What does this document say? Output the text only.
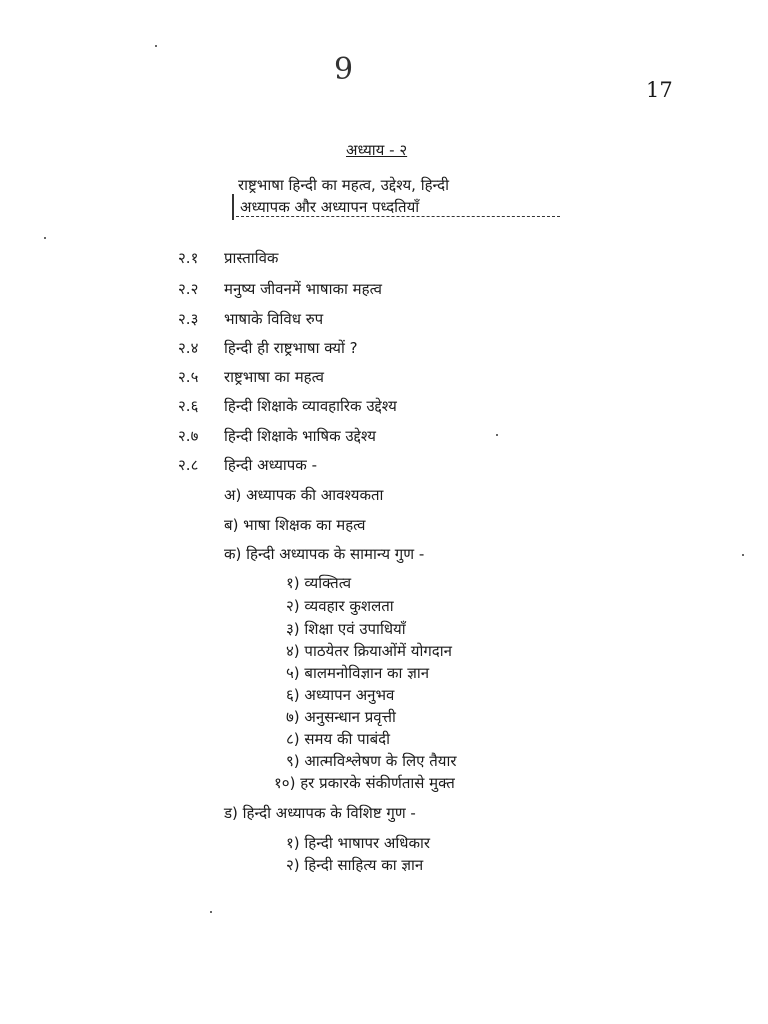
9
17
अध्याय - २
राष्ट्रभाषा हिन्दी का महत्व, उद्देश्य, हिन्दी
अध्यापक और अध्यापन पध्दतियाँ
२.१ प्रास्ताविक
२.२ मनुष्य जीवनमें भाषाका महत्व
२.३ भाषाके विविध रुप
२.४ हिन्दी ही राष्ट्रभाषा क्यों ?
२.५ राष्ट्रभाषा का महत्व
२.६ हिन्दी शिक्षाके व्यावहारिक उद्देश्य
२.७ हिन्दी शिक्षाके भाषिक उद्देश्य
२.८ हिन्दी अध्यापक -
अ) अध्यापक की आवश्यकता
ब) भाषा शिक्षक का महत्व
क) हिन्दी अध्यापक के सामान्य गुण -
१) व्यक्तित्व
२) व्यवहार कुशलता
३) शिक्षा एवं उपाधियाँ
४) पाठयेतर क्रियाओंमें योगदान
५) बालमनोविज्ञान का ज्ञान
६) अध्यापन अनुभव
७) अनुसन्धान प्रवृत्ती
८) समय की पाबंदी
९) आत्मविश्लेषण के लिए तैयार
१०) हर प्रकारके संकीर्णतासे मुक्त
ड) हिन्दी अध्यापक के विशिष्ट गुण -
१) हिन्दी भाषापर अधिकार
२) हिन्दी साहित्य का ज्ञान
